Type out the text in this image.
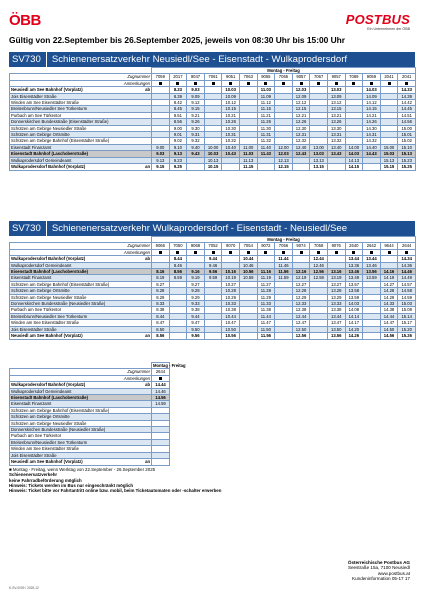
ÖBB	POSTBUS
Ein Unternehmen der ÖBB
Gültig von 22.September bis 26.September 2025, jeweils von 08:30 Uhr bis 15:00 Uhr
SV730 Schienenersatzverkehr Neusiedl/See - Eisenstadt - Wulkaprodersdorf
		Montag - Freitag														
Zugnummer		7059	2017	9047	7061	9051	7063	9055	7065	9057	7067	9057	7069	9059	2041	2041
Anmerkungen																
Neusiedl am See Bahnhof (Vorplatz)	ab		8.33	9.03		10.03		11.03		12.03		13.03		14.03		14.33
Jois Eisenstädter Straße			8.39	9.09		10.09		11.09		12.09		13.09		14.09		14.39
Winden am See Eisenstädter Straße			8.42	9.12		10.12		11.12		12.12		13.12		14.12		14.42
Breitenbrunn/Neusiedler See Türkenturm			8.45	9.15		10.15		11.15		12.15		13.15		14.15		14.45
Purbach am See Türkentor			8.51	9.21		10.21		11.21		12.21		13.21		14.21		14.51
Donnerskirchen Bundesstraße (Eisenstädter Straße)			8.56	9.26		10.26		11.26		12.26		13.26		14.26		14.56
Schützen am Gebirge Neusiedler Straße			9.00	9.30		10.30		11.30		12.30		13.30		14.30		15.00
Schützen am Gebirge Ortsmitte			9.01	9.31		10.31		11.31		12.31		13.31		14.31		15.01
Schützen am Gebirge Bahnhof (Eisenstädter Straße)			9.02	9.32		10.32		11.32		12.32		13.32		14.32		15.02
Eisenstadt Finanzamt		9.00	9.10	9.40	10.00	10.40	11.00	11.40	12.00	12.40	13.00	13.40	14.00	14.40	15.00	15.10
Eisenstadt Bahnhof (Laschoberstraße)		9.03	9.13	9.43	10.03	10.43	11.03	11.43	12.03	12.43	13.03	13.43	14.03	14.43	15.03	15.13
Wulkaprodersdorf Gemeindeamt		9.13	9.23		10.13		11.13		12.13		13.13		14.13		15.13	15.23
Wulkaprodersdorf Bahnhof (Vorplatz)	an	9.15	9.25		10.15		11.15		12.15		13.15		14.15		15.15	15.25
SV730 Schienenersatzverkehr Wulkaprodersdorf - Eisenstadt - Neusiedl/See
		Montag - Freitag														
Zugnummer		9066	7050	9068	7052	9070	7054	9072	7056	9074	7058	9076	2640	2642	9644	2644
Anmerkungen																
Wulkaprodersdorf Bahnhof (Vorplatz)	ab		8.44		9.44		10.44		11.44		12.44		13.44	13.44		14.34
Wulkaprodersdorf Gemeindeamt			8.46		9.46		10.46		11.46		12.46		13.36	13.46		14.36
Eisenstadt Bahnhof (Laschoberstraße)		8.16	8.56	9.16	9.56	10.16	10.56	11.16	11.56	12.16	12.56	13.16	13.46	13.56	14.16	14.46
Eisenstadt Finanzamt		8.19	8.59	9.19	9.59	10.19	10.59	11.19	11.59	12.19	12.59	13.19	13.49	13.59	14.19	14.49
Schützen am Gebirge Bahnhof (Eisenstädter Straße)		8.27		9.27		10.27		11.27		12.27		13.27	13.57		14.27	14.57
Schützen am Gebirge Ortsmitte		8.28		9.28		10.28		11.28		12.28		13.28	13.58		14.28	14.58
Schützen am Gebirge Neusiedler Straße		8.29		9.29		10.29		11.29		12.29		13.29	13.59		14.29	14.59
Donnerskirchen Bundesstraße (Neusiedler Straße)		8.33		9.33		10.33		11.33		12.33		13.33	14.03		14.33	15.03
Purbach am See Türkentor		8.38		9.38		10.38		11.38		12.38		13.38	14.08		14.38	15.08
Breitenbrunn/Neusiedler See Türkenturm		8.44		9.44		10.44		11.44		12.44		13.44	14.14		14.44	15.14
Winden am See Eisenstädter Straße		8.47		9.47		10.47		11.47		12.47		13.47	14.17		14.47	15.17
Jois Eisenstädter Straße		8.50		9.50		10.50		11.50		12.50		13.50	14.20		14.50	15.20
Neusiedl am See Bahnhof (Vorplatz)	an	8.56		9.56		10.56		11.56		12.56		13.56	14.26		14.56	15.26
		Montag - Freitag
Zugnummer		2644
Anmerkungen		
Wulkaprodersdorf Bahnhof (Vorplatz)	ab	14.44
Wulkaprodersdorf Gemeindeamt		14.46
Eisenstadt Bahnhof (Laschoberstraße)		14.56
Eisenstadt Finanzamt		14.59
Schützen am Gebirge Bahnhof (Eisenstädter Straße)		
Schützen am Gebirge Ortsmitte		
Schützen am Gebirge Neusiedler Straße		
Donnerskirchen Bundesstraße (Neusiedler Straße)		
Purbach am See Türkentor		
Breitenbrunn/Neusiedler See Türkenturm		
Winden am See Eisenstädter Straße		
Jois Eisenstädter Straße		
Neusiedl am See Bahnhof (Vorplatz)	an	
■ Montag - Freitag, wenn Werktag von 22.September - 26.September 2025
Schienenersatzverkehr
keine Fahrradbeförderung möglich
Hinweis: Tickets werden im Bus nur eingeschränkt möglich
Hinweis: Ticket bitte vor Fahrtantritt online bzw. mobil, beim Ticketautomaten oder -schalter erwerben
Österreichische Postbus AG
Seestraße 15a, 7100 Neusiedl
www.postbus.at
Kundeninformation 05-17 17
K-SV-0009 / 2025-12
